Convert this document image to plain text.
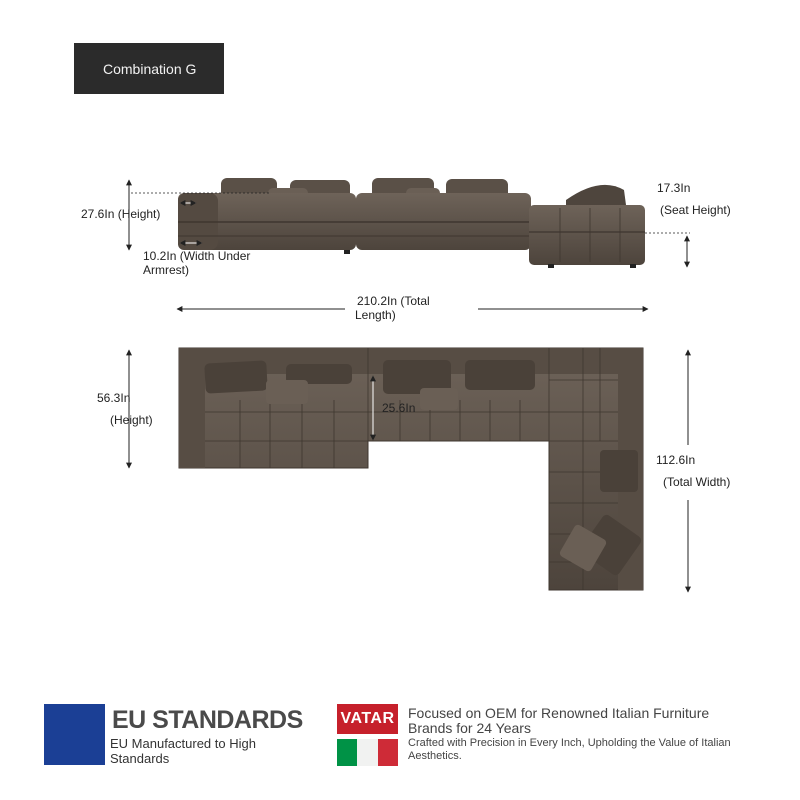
Combination G
27.6In (Height)
10.2In (Width Under
Armrest)
17.3In
(Seat Height)
210.2In (Total
Length)
56.3In
(Height)
25.6In
112.6In
(Total Width)
EU STANDARDS
EU Manufactured to High Standards
VATAR Focused on OEM for Renowned Italian Furniture Brands for 24 Years
Crafted with Precision in Every Inch, Upholding the Value of Italian Aesthetics.
